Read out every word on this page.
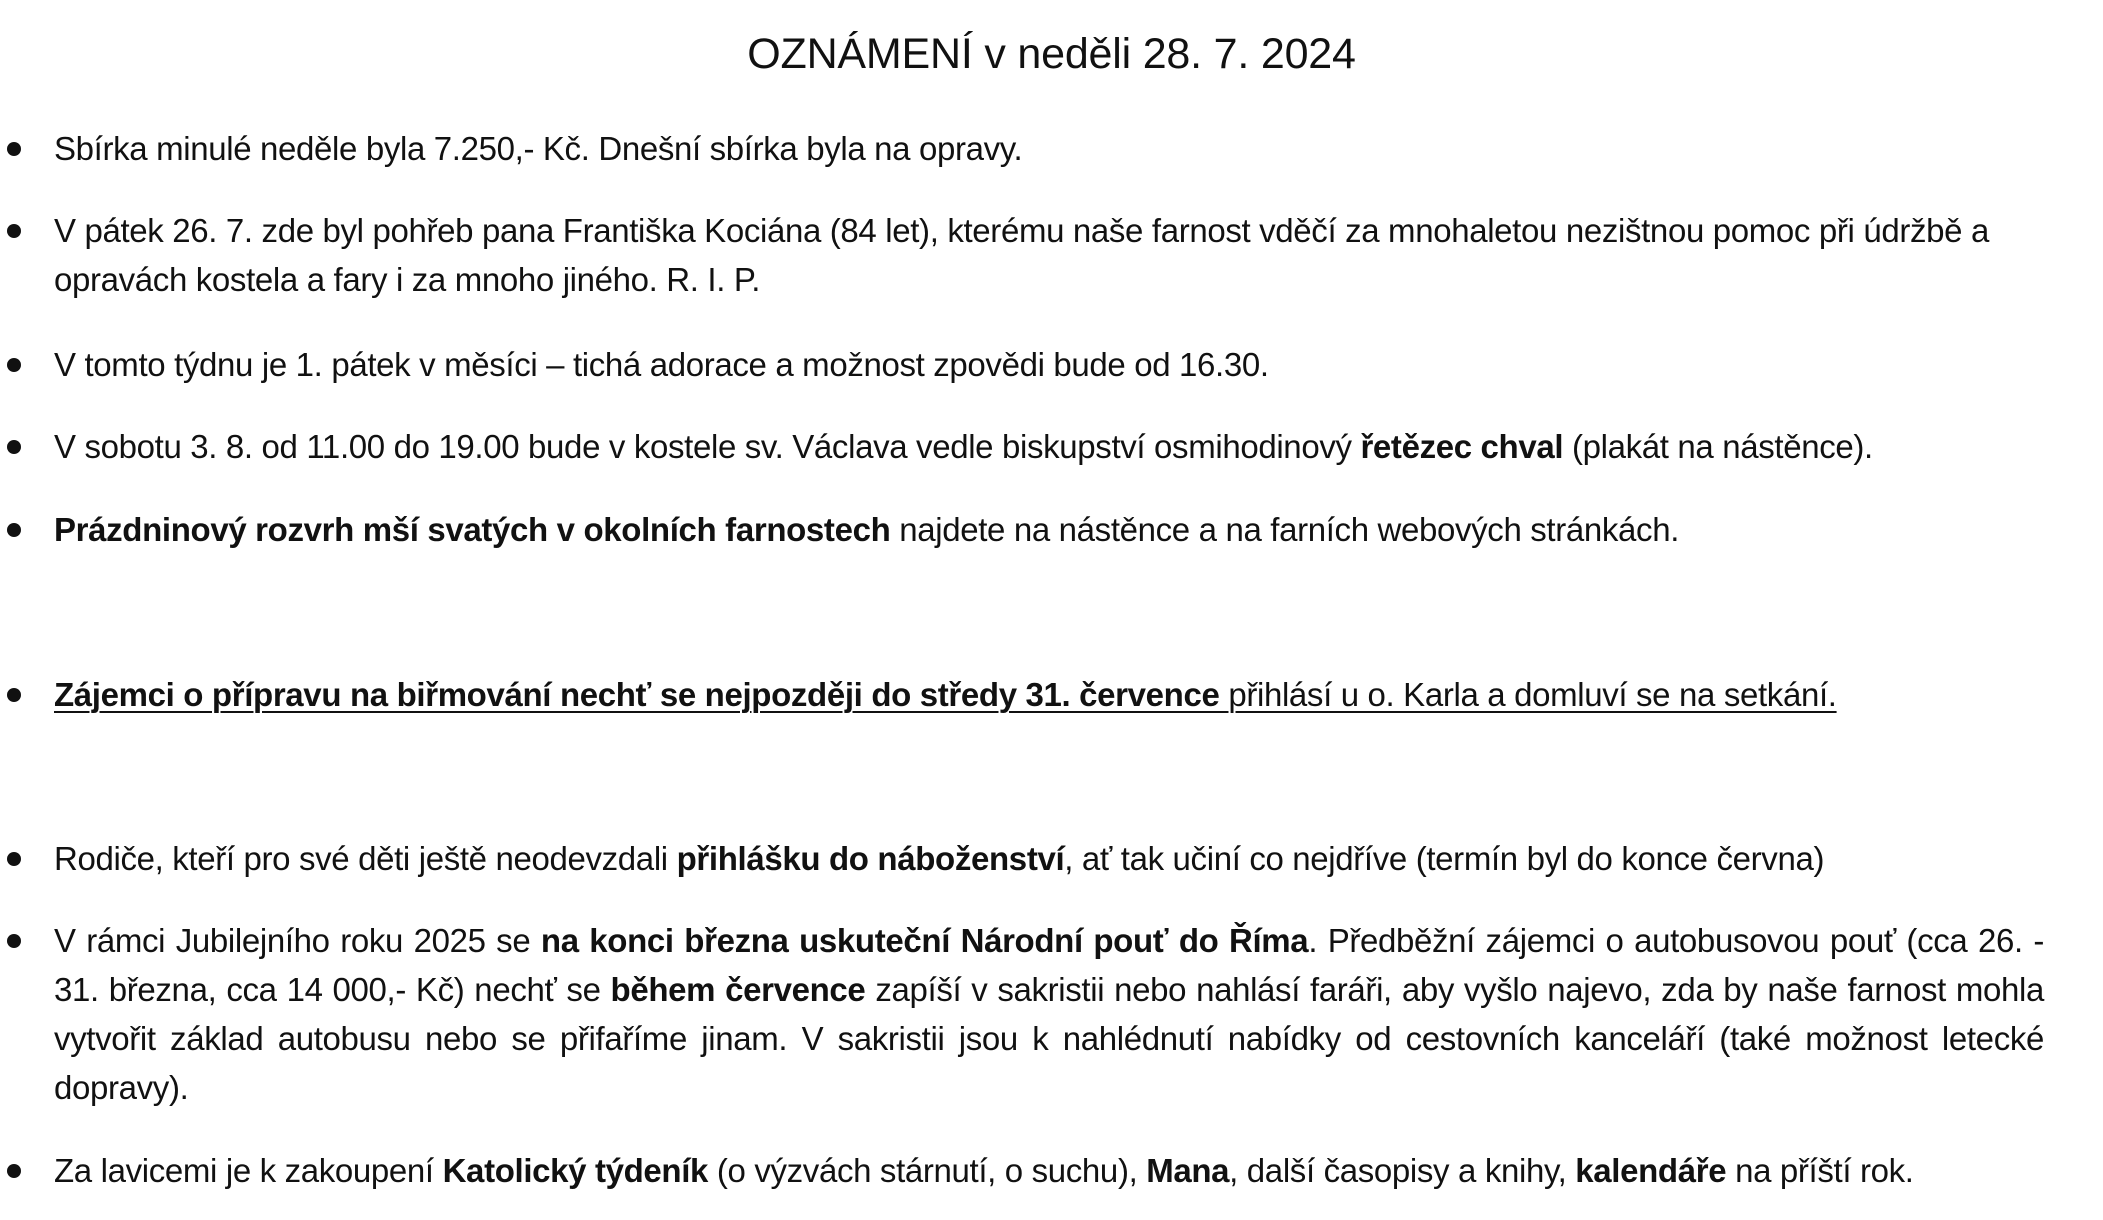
OZNÁMENÍ v neděli 28. 7. 2024
Sbírka minulé neděle byla 7.250,- Kč. Dnešní sbírka byla na opravy.
V pátek 26. 7. zde byl pohřeb pana Františka Kociána (84 let), kterému naše farnost vděčí za mnohaletou nezištnou pomoc při údržbě a opravách kostela a fary i za mnoho jiného. R. I. P.
V tomto týdnu je 1. pátek v měsíci – tichá adorace a možnost zpovědi bude od 16.30.
V sobotu 3. 8. od 11.00 do 19.00 bude v kostele sv. Václava vedle biskupství osmihodinový řetězec chval (plakát na nástěnce).
Prázdninový rozvrh mší svatých v okolních farnostech najdete na nástěnce a na farních webových stránkách.
Zájemci o přípravu na biřmování nechť se nejpozději do středy 31. července přihlásí u o. Karla a domluví se na setkání.
Rodiče, kteří pro své děti ještě neodevzdali přihlášku do náboženství, ať tak učiní co nejdříve (termín byl do konce června)
V rámci Jubilejního roku 2025 se na konci března uskuteční Národní pouť do Říma. Předběžní zájemci o autobusovou pouť (cca 26. - 31. března, cca 14 000,- Kč) nechť se během července zapíší v sakristii nebo nahlásí faráři, aby vyšlo najevo, zda by naše farnost mohla vytvořit základ autobusu nebo se přifaříme jinam. V sakristii jsou k nahlédnutí nabídky od cestovních kanceláří (také možnost letecké dopravy).
Za lavicemi je k zakoupení Katolický týdeník (o výzvách stárnutí, o suchu), Mana, další časopisy a knihy, kalendáře na příští rok.
